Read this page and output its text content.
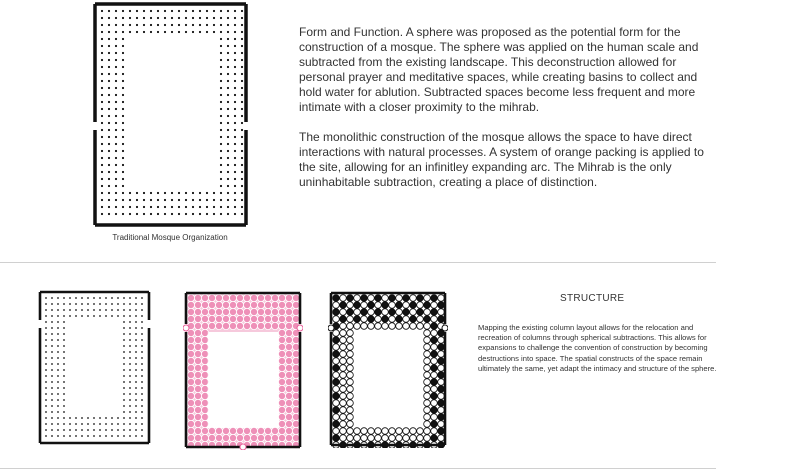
Traditional Mosque Organization

Form and Function. A sphere was proposed as the potential form for the construction of a mosque. The sphere was applied on the human scale and subtracted from the existing landscape. This deconstruction allowed for personal prayer and meditative spaces, while creating basins to collect and hold water for ablution. Subtracted spaces become less frequent and more intimate with a closer proximity to the mihrab.

The monolithic construction of the mosque allows the space to have direct interactions with natural processes. A system of orange packing is applied to the site, allowing for an infinitley expanding arc. The Mihrab is the only uninhabitable subtraction, creating a place of distinction.

STRUCTURE
Mapping the existing column layout allows for the relocation and recreation of columns through spherical subtractions. This allows for expansions to challenge the convention of construction by becoming destructions into space. The spatial constructs of the space remain ultimately the same, yet adapt the intimacy and structure of the sphere.
